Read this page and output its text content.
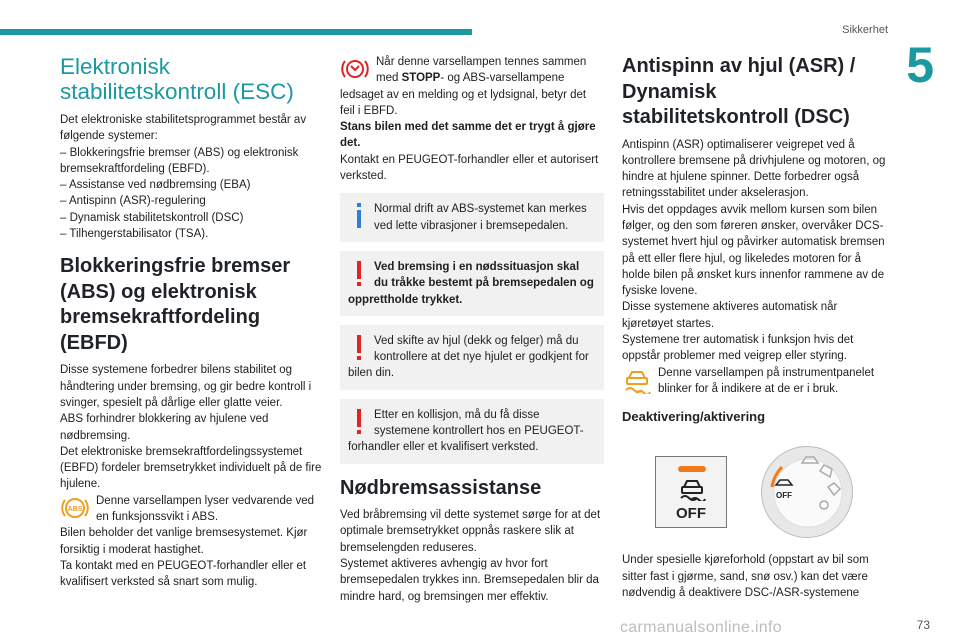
Sikkerhet
5
Elektronisk stabilitetskontroll (ESC)

Det elektroniske stabilitetsprogrammet består av følgende systemer:

– Blokkeringsfrie bremser (ABS) og elektronisk bremsekraftfordeling (EBFD).

– Assistanse ved nødbremsing (EBA)

– Antispinn (ASR)-regulering

– Dynamisk stabilitetskontroll (DSC)

– Tilhengerstabilisator (TSA).

Blokkeringsfrie bremser (ABS) og elektronisk bremsekraftfordeling (EBFD)

Disse systemene forbedrer bilens stabilitet og håndtering under bremsing, og gir bedre kontroll i svinger, spesielt på dårlige eller glatte veier.

ABS forhindrer blokkering av hjulene ved nødbremsing.

Det elektroniske bremsekraftfordelingssystemet (EBFD) fordeler bremsetrykket individuelt på de fire hjulene.

ABS
Denne varsellampen lyser vedvarende ved en funksjonssvikt i ABS.

Bilen beholder det vanlige bremsesystemet. Kjør forsiktig i moderat hastighet.

Ta kontakt med en PEUGEOT-forhandler eller et kvalifisert verksted så snart som mulig.

Når denne varsellampen tennes sammen med STOPP- og ABS-varsellampene ledsaget av en melding og et lydsignal, betyr det feil i EBFD.

Stans bilen med det samme det er trygt å gjøre det.

Kontakt en PEUGEOT-forhandler eller et autorisert verksted.

Normal drift av ABS-systemet kan merkes ved lette vibrasjoner i bremsepedalen.
Ved bremsing i en nødssituasjon skal du tråkke bestemt på bremsepedalen og opprettholde trykket.
Ved skifte av hjul (dekk og felger) må du kontrollere at det nye hjulet er godkjent for bilen din.
Etter en kollisjon, må du få disse systemene kontrollert hos en PEUGEOT-forhandler eller et kvalifisert verksted.
Nødbremsassistanse

Ved bråbremsing vil dette systemet sørge for at det optimale bremsetrykket oppnås raskere slik at bremselengden reduseres.

Systemet aktiveres avhengig av hvor fort bremsepedalen trykkes inn. Bremsepedalen blir da mindre hard, og bremsingen mer effektiv.

Antispinn av hjul (ASR) / Dynamisk stabilitetskontroll (DSC)

Antispinn (ASR) optimaliserer veigrepet ved å kontrollere bremsene på drivhjulene og motoren, og hindre at hjulene spinner. Dette forbedrer også retningsstabilitet under akselerasjon.

Hvis det oppdages avvik mellom kursen som bilen følger, og den som føreren ønsker, overvåker DCS-systemet hvert hjul og påvirker automatisk bremsen på ett eller flere hjul, og likeledes motoren for å holde bilen på ønsket kurs innenfor rammene av de fysiske lovene.

Disse systemene aktiveres automatisk når kjøretøyet startes.

Systemene trer automatisk i funksjon hvis det oppstår problemer med veigrep eller styring.

Denne varsellampen på instrumentpanelet blinker for å indikere at de er i bruk.
Deaktivering/aktivering
OFF
OFF

Under spesielle kjøreforhold (oppstart av bil som sitter fast i gjørme, sand, snø osv.) kan det være nødvendig å deaktivere DSC-/ASR-systemene

73
carmanualsonline.info
